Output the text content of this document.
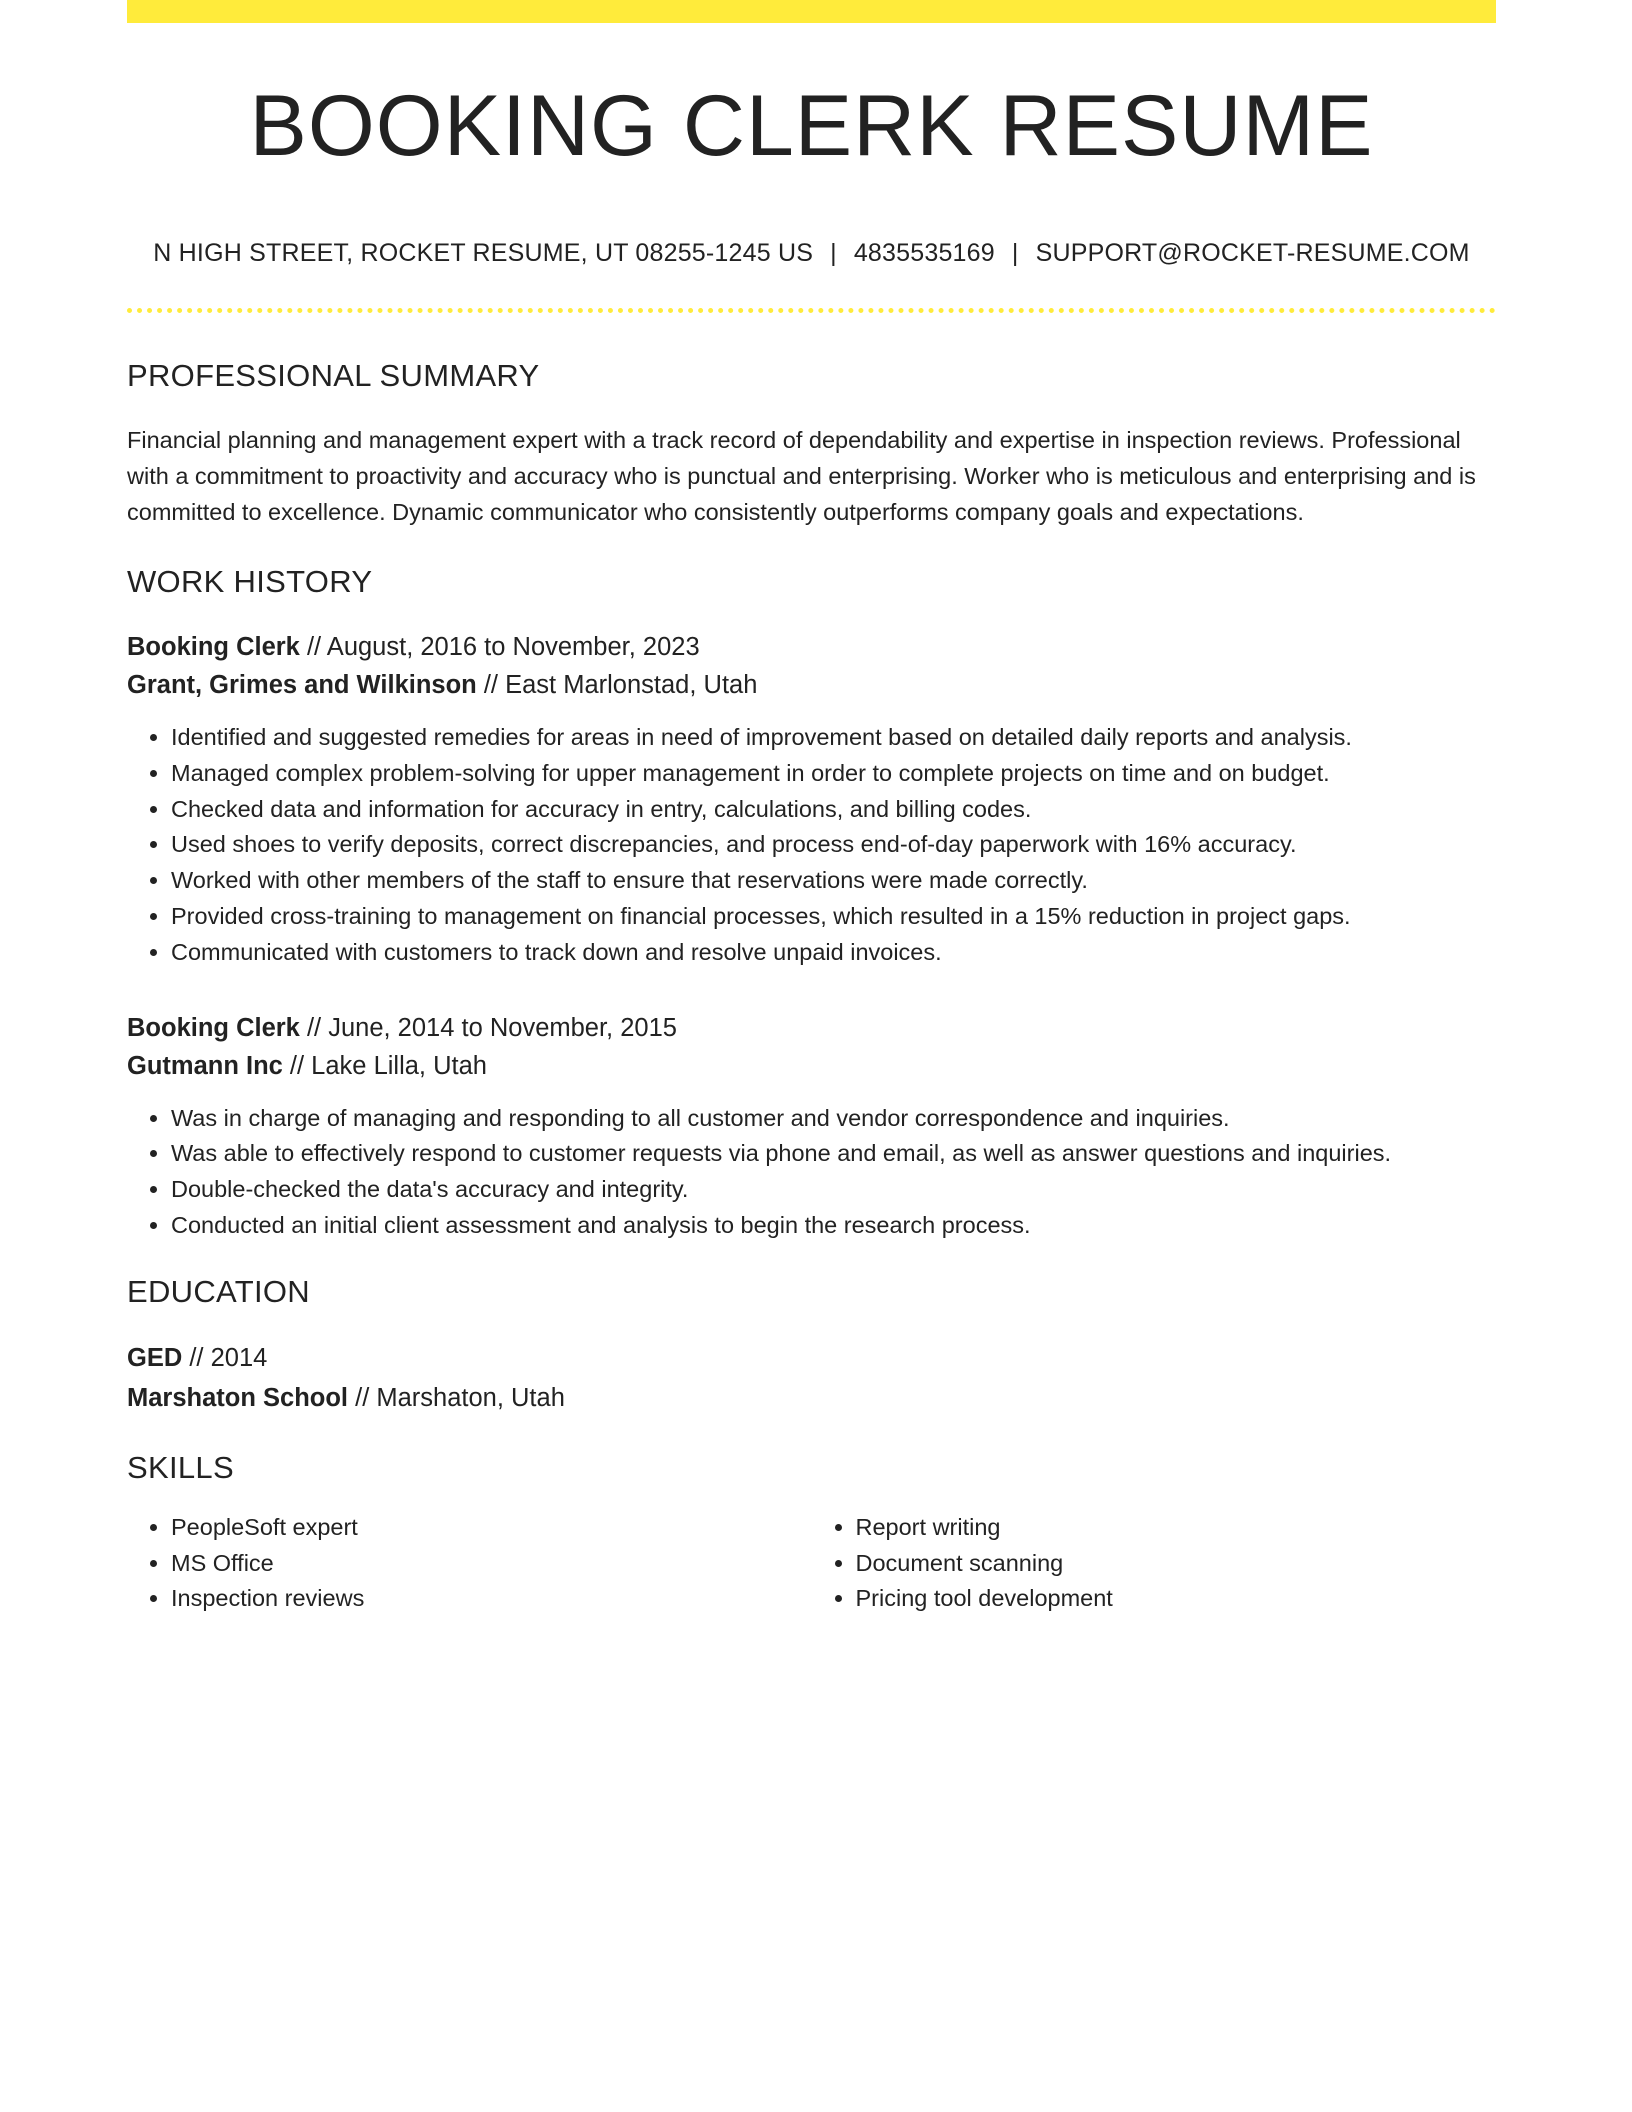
BOOKING CLERK RESUME
N HIGH STREET, ROCKET RESUME, UT 08255-1245 US | 4835535169 | SUPPORT@ROCKET-RESUME.COM
PROFESSIONAL SUMMARY

Financial planning and management expert with a track record of dependability and expertise in inspection reviews. Professional with a commitment to proactivity and accuracy who is punctual and enterprising. Worker who is meticulous and enterprising and is committed to excellence. Dynamic communicator who consistently outperforms company goals and expectations.

WORK HISTORY
Booking Clerk // August, 2016 to November, 2023
Grant, Grimes and Wilkinson // East Marlonstad, Utah
• Identified and suggested remedies for areas in need of improvement based on detailed daily reports and analysis.
• Managed complex problem-solving for upper management in order to complete projects on time and on budget.
• Checked data and information for accuracy in entry, calculations, and billing codes.
• Used shoes to verify deposits, correct discrepancies, and process end-of-day paperwork with 16% accuracy.
• Worked with other members of the staff to ensure that reservations were made correctly.
• Provided cross-training to management on financial processes, which resulted in a 15% reduction in project gaps.
• Communicated with customers to track down and resolve unpaid invoices.
Booking Clerk // June, 2014 to November, 2015
Gutmann Inc // Lake Lilla, Utah
• Was in charge of managing and responding to all customer and vendor correspondence and inquiries.
• Was able to effectively respond to customer requests via phone and email, as well as answer questions and inquiries.
• Double-checked the data's accuracy and integrity.
• Conducted an initial client assessment and analysis to begin the research process.
EDUCATION
GED // 2014
Marshaton School // Marshaton, Utah
SKILLS
• PeopleSoft expert
• MS Office
• Inspection reviews
• Report writing
• Document scanning
• Pricing tool development
